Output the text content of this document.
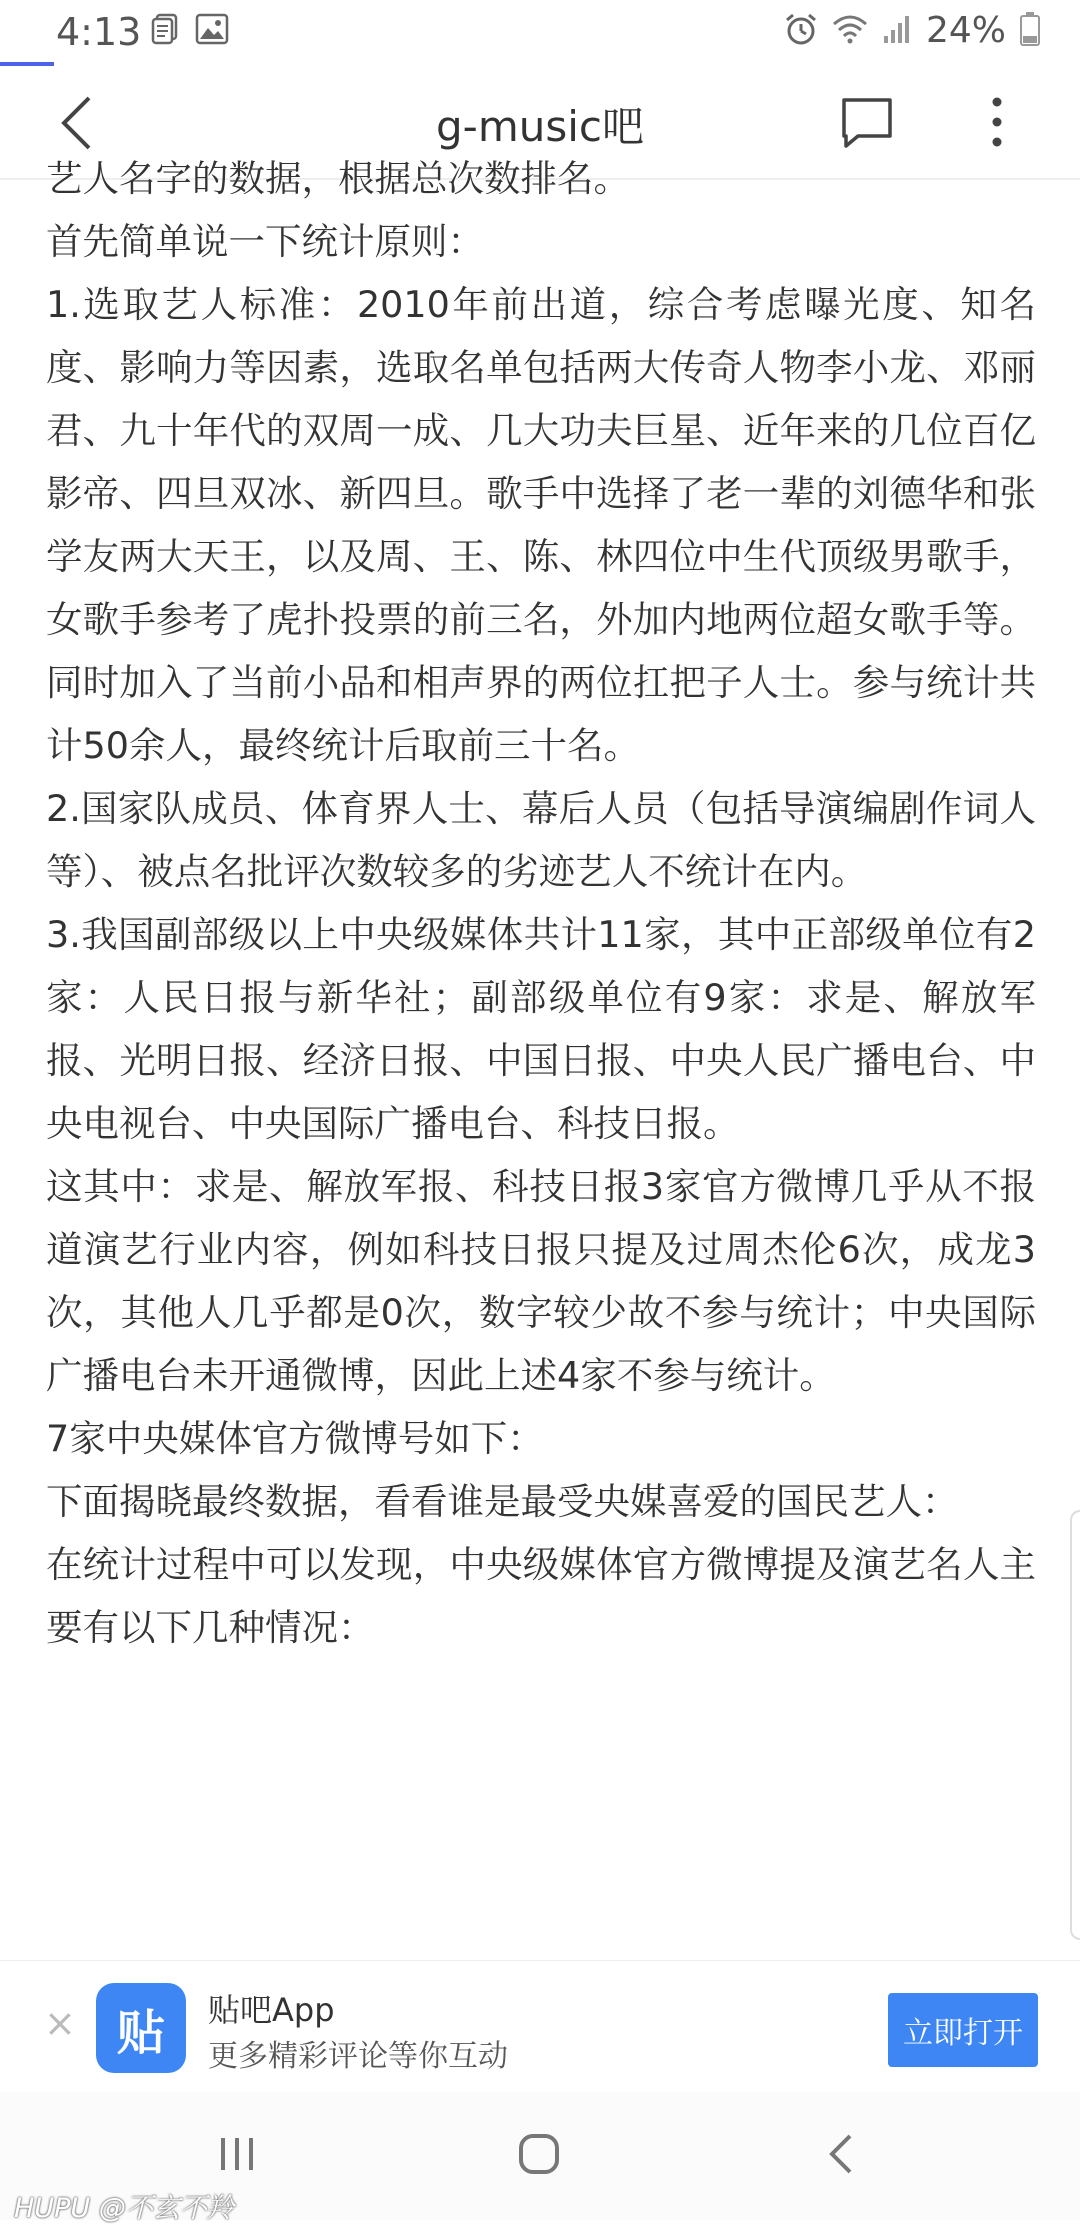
4:13	24%
g-music吧

艺人名字的数据，根据总次数排名。

首先简单说一下统计原则：

1.选取艺人标准：2010年前出道，综合考虑曝光度、知名度、影响力等因素，选取名单包括两大传奇人物李小龙、邓丽君、九十年代的双周一成、几大功夫巨星、近年来的几位百亿影帝、四旦双冰、新四旦。歌手中选择了老一辈的刘德华和张学友两大天王，以及周、王、陈、林四位中生代顶级男歌手，女歌手参考了虎扑投票的前三名，外加内地两位超女歌手等。同时加入了当前小品和相声界的两位扛把子人士。参与统计共计50余人，最终统计后取前三十名。

2.国家队成员、体育界人士、幕后人员（包括导演编剧作词人等）、被点名批评次数较多的劣迹艺人不统计在内。

3.我国副部级以上中央级媒体共计11家，其中正部级单位有2家：人民日报与新华社；副部级单位有9家：求是、解放军报、光明日报、经济日报、中国日报、中央人民广播电台、中央电视台、中央国际广播电台、科技日报。

这其中：求是、解放军报、科技日报3家官方微博几乎从不报道演艺行业内容，例如科技日报只提及过周杰伦6次，成龙3次，其他人几乎都是0次，数字较少故不参与统计；中央国际广播电台未开通微博，因此上述4家不参与统计。

7家中央媒体官方微博号如下：

下面揭晓最终数据，看看谁是最受央媒喜爱的国民艺人：

在统计过程中可以发现，中央级媒体官方微博提及演艺名人主要有以下几种情况：

× 贴 贴吧App
更多精彩评论等你互动
立即打开
HUPU @不玄不羚
